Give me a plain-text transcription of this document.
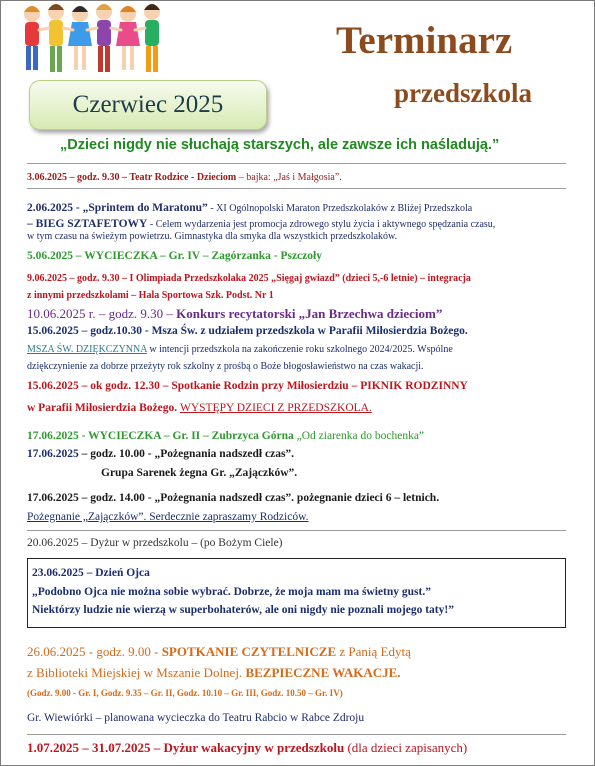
Czerwiec 2025
Terminarz
przedszkola
„Dzieci nigdy nie słuchają starszych, ale zawsze ich naśladują.”
3.06.2025 – godz. 9.30 – Teatr Rodzice - Dzieciom – bajka: „Jaś i Małgosia”.
2.06.2025 - „Sprintem do Maratonu” - XI Ogólnopolski Maraton Przedszkolaków z Bliżej Przedszkola
– BIEG SZTAFETOWY - Celem wydarzenia jest promocja zdrowego stylu życia i aktywnego spędzania czasu,
w tym czasu na świeżym powietrzu. Gimnastyka dla smyka dla wszystkich przedszkolaków.
5.06.2025 – WYCIECZKA – Gr. IV – Zagórzanka - Pszczoły
9.06.2025 – godz. 9.30 – I Olimpiada Przedszkolaka 2025 „Sięgaj gwiazd” (dzieci 5,-6 letnie) – integracja
z innymi przedszkolami – Hala Sportowa Szk. Podst. Nr 1
10.06.2025 r. – godz. 9.30 – Konkurs recytatorski „Jan Brzechwa dzieciom”
15.06.2025 – godz.10.30 - Msza Św. z udziałem przedszkola w Parafii Miłosierdzia Bożego.
MSZA ŚW. DZIĘKCZYNNA w intencji przedszkola na zakończenie roku szkolnego 2024/2025. Wspólne
dziękczynienie za dobrze przeżyty rok szkolny z prośbą o Boże błogosławieństwo na czas wakacji.
15.06.2025 – ok godz. 12.30 – Spotkanie Rodzin przy Miłosierdziu – PIKNIK RODZINNY
w Parafii Miłosierdzia Bożego. WYSTĘPY DZIECI Z PRZEDSZKOLA.
17.06.2025 - WYCIECZKA – Gr. II – Zubrzyca Górna „Od ziarenka do bochenka”
17.06.2025 – godz. 10.00 - „Pożegnania nadszedł czas”.
Grupa Sarenek żegna Gr. „Zajączków”.
17.06.2025 – godz. 14.00 - „Pożegnania nadszedł czas”. pożegnanie dzieci 6 – letnich.
Pożegnanie „Zajączków”. Serdecznie zapraszamy Rodziców.
20.06.2025 – Dyżur w przedszkolu – (po Bożym Ciele)
23.06.2025 – Dzień Ojca
„Podobno Ojca nie można sobie wybrać. Dobrze, że moja mam ma świetny gust.”
Niektórzy ludzie nie wierzą w superbohaterów, ale oni nigdy nie poznali mojego taty!”
26.06.2025 - godz. 9.00 - SPOTKANIE CZYTELNICZE z Panią Edytą
z Biblioteki Miejskiej w Mszanie Dolnej. BEZPIECZNE WAKACJE.
(Godz. 9.00 - Gr. I, Godz. 9.35 – Gr. II, Godz. 10.10 – Gr. III, Godz. 10.50 – Gr. IV)
Gr. Wiewiórki – planowana wycieczka do Teatru Rabcio w Rabce Zdroju
1.07.2025 – 31.07.2025 – Dyżur wakacyjny w przedszkolu (dla dzieci zapisanych)
